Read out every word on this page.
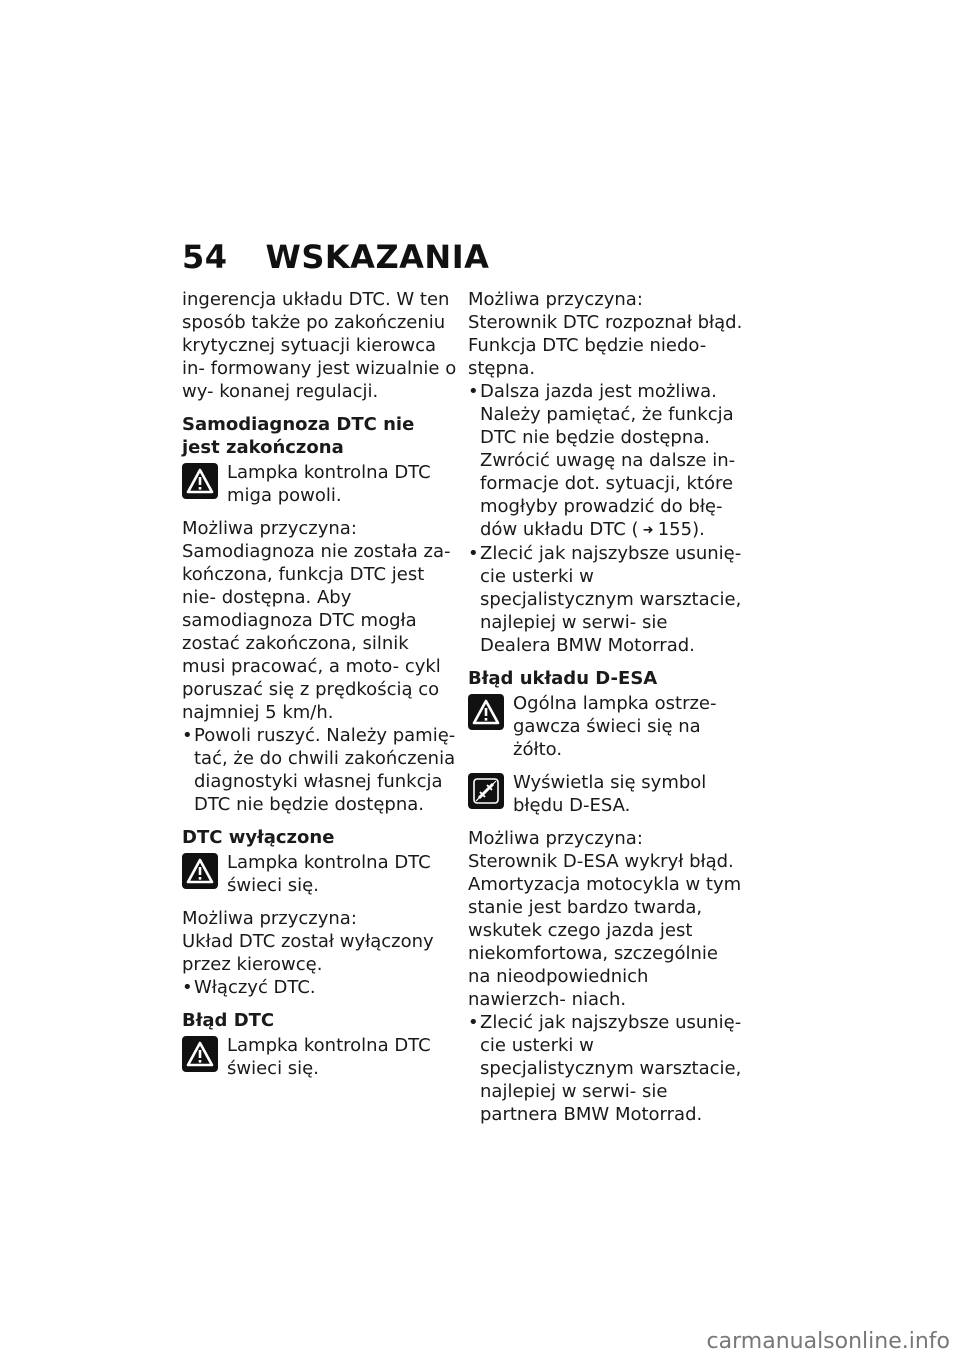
54 WSKAZANIA

ingerencja układu DTC. W ten sposób także po zakończeniu krytycznej sytuacji kierowca in- formowany jest wizualnie o wy- konanej regulacji.

Samodiagnoza DTC nie jest zakończona

Lampka kontrolna DTC miga powoli.

Możliwa przyczyna:

Samodiagnoza nie została za- kończona, funkcja DTC jest nie- dostępna. Aby samodiagnoza DTC mogła zostać zakończona, silnik musi pracować, a moto- cykl poruszać się z prędkością co najmniej 5 km/h.

• Powoli ruszyć. Należy pamię- tać, że do chwili zakończenia diagnostyki własnej funkcja DTC nie będzie dostępna.

DTC wyłączone

Lampka kontrolna DTC świeci się.

Możliwa przyczyna:

Układ DTC został wyłączony przez kierowcę.

• Włączyć DTC.

Błąd DTC

Lampka kontrolna DTC świeci się.

Możliwa przyczyna:

Sterownik DTC rozpoznał błąd. Funkcja DTC będzie niedo- stępna.

• Dalsza jazda jest możliwa. Należy pamiętać, że funkcja DTC nie będzie dostępna. Zwrócić uwagę na dalsze in- formacje dot. sytuacji, które mogłyby prowadzić do błę- dów układu DTC ( ➜ 155).
• Zlecić jak najszybsze usunię- cie usterki w specjalistycznym warsztacie, najlepiej w serwi- sie Dealera BMW Motorrad.

Błąd układu D-ESA

Ogólna lampka ostrze- gawcza świeci się na żółto.
Wyświetla się symbol błędu D-ESA.

Możliwa przyczyna:

Sterownik D-ESA wykrył błąd. Amortyzacja motocykla w tym stanie jest bardzo twarda, wskutek czego jazda jest niekomfortowa, szczególnie na nieodpowiednich nawierzch- niach.

• Zlecić jak najszybsze usunię- cie usterki w specjalistycznym warsztacie, najlepiej w serwi- sie partnera BMW Motorrad.
carmanualsonline.info
